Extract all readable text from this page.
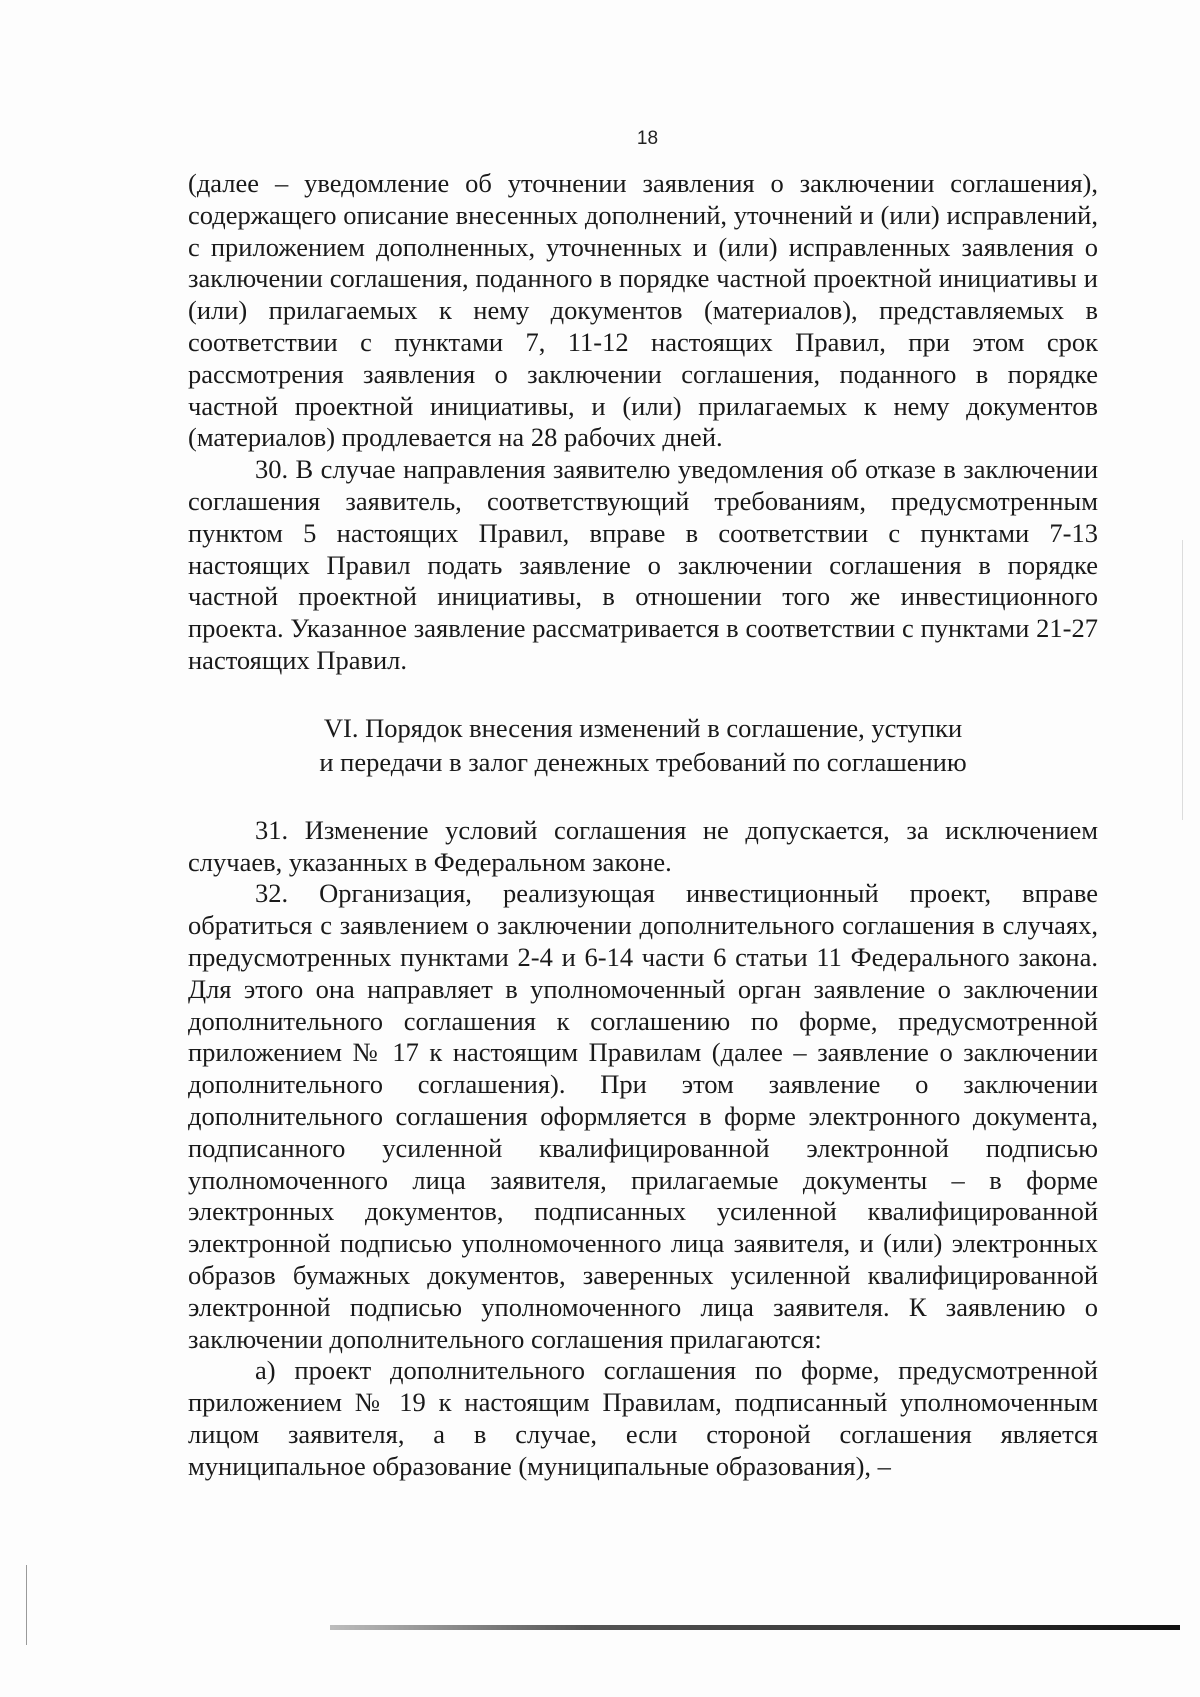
18

(далее – уведомление об уточнении заявления о заключении соглашения), содержащего описание внесенных дополнений, уточнений и (или) исправлений, с приложением дополненных, уточненных и (или) исправленных заявления о заключении соглашения, поданного в порядке частной проектной инициативы и (или) прилагаемых к нему документов (материалов), представляемых в соответствии с пунктами 7, 11-12 настоящих Правил, при этом срок рассмотрения заявления о заключении соглашения, поданного в порядке частной проектной инициативы, и (или) прилагаемых к нему документов (материалов) продлевается на 28 рабочих дней.

30. В случае направления заявителю уведомления об отказе в заключении соглашения заявитель, соответствующий требованиям, предусмотренным пунктом 5 настоящих Правил, вправе в соответствии с пунктами 7-13 настоящих Правил подать заявление о заключении соглашения в порядке частной проектной инициативы, в отношении того же инвестиционного проекта. Указанное заявление рассматривается в соответствии с пунктами 21-27 настоящих Правил.

VI. Порядок внесения изменений в соглашение, уступки
и передачи в залог денежных требований по соглашению

31. Изменение условий соглашения не допускается, за исключением случаев, указанных в Федеральном законе.

32. Организация, реализующая инвестиционный проект, вправе обратиться с заявлением о заключении дополнительного соглашения в случаях, предусмотренных пунктами 2-4 и 6-14 части 6 статьи 11 Федерального закона. Для этого она направляет в уполномоченный орган заявление о заключении дополнительного соглашения к соглашению по форме, предусмотренной приложением № 17 к настоящим Правилам (далее – заявление о заключении дополнительного соглашения). При этом заявление о заключении дополнительного соглашения оформляется в форме электронного документа, подписанного усиленной квалифицированной электронной подписью уполномоченного лица заявителя, прилагаемые документы – в форме электронных документов, подписанных усиленной квалифицированной электронной подписью уполномоченного лица заявителя, и (или) электронных образов бумажных документов, заверенных усиленной квалифицированной электронной подписью уполномоченного лица заявителя. К заявлению о заключении дополнительного соглашения прилагаются:

а) проект дополнительного соглашения по форме, предусмотренной приложением № 19 к настоящим Правилам, подписанный уполномоченным лицом заявителя, а в случае, если стороной соглашения является муниципальное образование (муниципальные образования), –
